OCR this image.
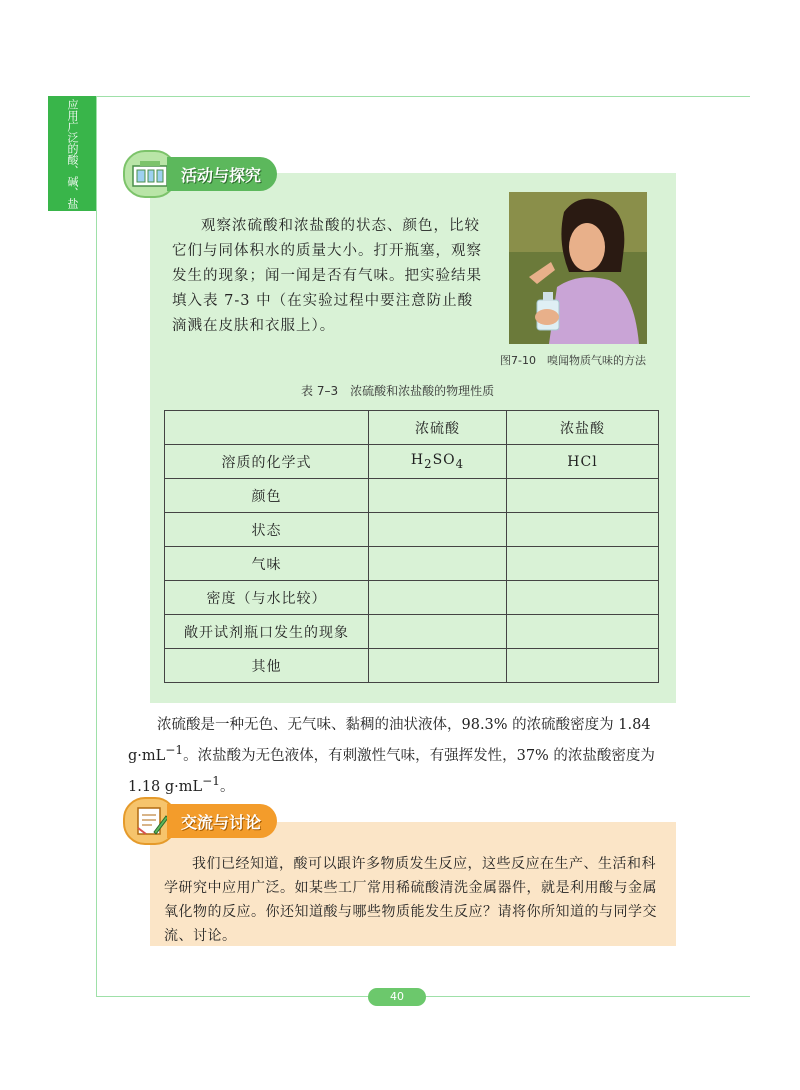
应用广泛的酸、碱、盐	活动与探究
观察浓硫酸和浓盐酸的状态、颜色，比较它们与同体积水的质量大小。打开瓶塞，观察发生的现象；闻一闻是否有气味。把实验结果填入表 7-3 中（在实验过程中要注意防止酸滴溅在皮肤和衣服上）。
图7-10　嗅闻物质气味的方法
表 7–3　浓硫酸和浓盐酸的物理性质
	浓硫酸	浓盐酸
溶质的化学式	$H_2SO_4$	HCl
颜色		
状态		
气味		
密度（与水比较）		
敞开试剂瓶口发生的现象		
其他		
浓硫酸是一种无色、无气味、黏稠的油状液体，98.3% 的浓硫酸密度为 1.84 $g\cdot mL^{-1}$。浓盐酸为无色液体，有刺激性气味，有强挥发性，37% 的浓盐酸密度为 1.18 $g\cdot mL^{-1}$。
交流与讨论
我们已经知道，酸可以跟许多物质发生反应，这些反应在生产、生活和科学研究中应用广泛。如某些工厂常用稀硫酸清洗金属器件，就是利用酸与金属氧化物的反应。你还知道酸与哪些物质能发生反应？请将你所知道的与同学交流、讨论。
40
